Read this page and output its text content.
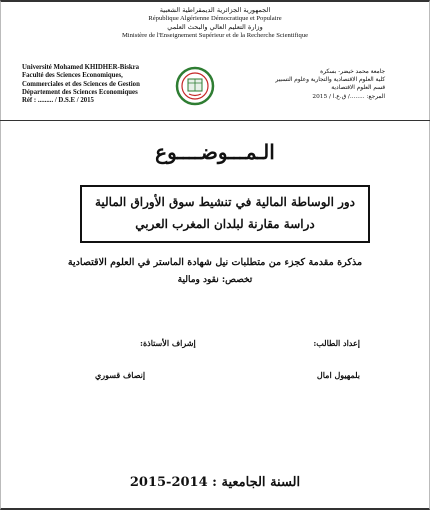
الجمهورية الجزائرية الديمقراطية الشعبية
République Algérienne Démocratique et Populaire
وزارة التعليم العالي والبحث العلمي
Ministère de l'Enseignement Supérieur et de la Recherche Scientifique
Université Mohamed KHIDHER-Biskra
Faculté des Sciences Economiques,
Commerciales et des Sciences de Gestion
Département des Sciences Economiques
Réf : ......... / D.S.E / 2015
جامعة محمد خيضر- بسكرة
كلية العلوم الاقتصادية والتجارية وعلوم التسيير
قسم العلوم الاقتصادية
المرجع: ......../ ق.ع.ا / 2015
الـمـــوضــــوع
دور الوساطة المالية في تنشيط سوق الأوراق المالية
دراسة مقارنة لبلدان المغرب العربي
مذكرة مقدمة كجزء من متطلبات نيل شهادة الماستر في العلوم الاقتصادية
تخصص: نقود ومالية
إعداد الطالب:
بلمهيول امال
إشراف الأستاذة:
إنصاف قسوري
السنة الجامعية : 2014-2015
